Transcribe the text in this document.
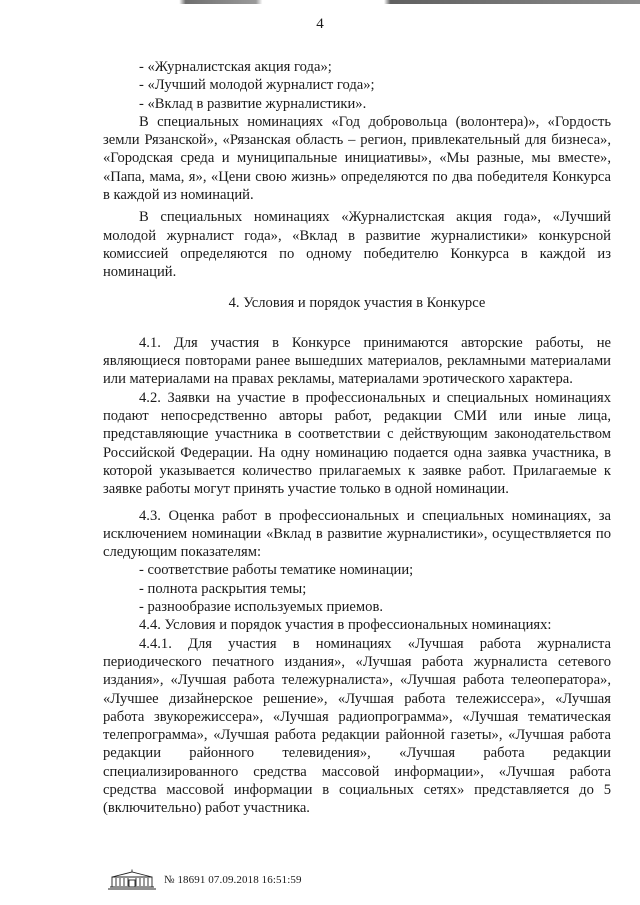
4

- «Журналистская акция года»;

- «Лучший молодой журналист года»;

- «Вклад в развитие журналистики».

В специальных номинациях «Год добровольца (волонтера)», «Гордость земли Рязанской», «Рязанская область – регион, привлекательный для бизнеса», «Городская среда и муниципальные инициативы», «Мы разные, мы вместе», «Папа, мама, я», «Цени свою жизнь» определяются по два победителя Конкурса в каждой из номинаций.

В специальных номинациях «Журналистская акция года», «Лучший молодой журналист года», «Вклад в развитие журналистики» конкурсной комиссией определяются по одному победителю Конкурса в каждой из номинаций.

4. Условия и порядок участия в Конкурсе

4.1. Для участия в Конкурсе принимаются авторские работы, не являющиеся повторами ранее вышедших материалов, рекламными материалами или материалами на правах рекламы, материалами эротического характера.

4.2. Заявки на участие в профессиональных и специальных номинациях подают непосредственно авторы работ, редакции СМИ или иные лица, представляющие участника в соответствии с действующим законодательством Российской Федерации. На одну номинацию подается одна заявка участника, в которой указывается количество прилагаемых к заявке работ. Прилагаемые к заявке работы могут принять участие только в одной номинации.

4.3. Оценка работ в профессиональных и специальных номинациях, за исключением номинации «Вклад в развитие журналистики», осуществляется по следующим показателям:

- соответствие работы тематике номинации;

- полнота раскрытия темы;

- разнообразие используемых приемов.

4.4. Условия и порядок участия в профессиональных номинациях:

4.4.1. Для участия в номинациях «Лучшая работа журналиста периодического печатного издания», «Лучшая работа журналиста сетевого издания», «Лучшая работа тележурналиста», «Лучшая работа телеоператора», «Лучшее дизайнерское решение», «Лучшая работа тележиссера», «Лучшая работа звукорежиссера», «Лучшая радиопрограмма», «Лучшая тематическая телепрограмма», «Лучшая работа редакции районной газеты», «Лучшая работа редакции районного телевидения», «Лучшая работа редакции специализированного средства массовой информации», «Лучшая работа средства массовой информации в социальных сетях» представляется до 5 (включительно) работ участника.

№ 18691 07.09.2018 16:51:59
